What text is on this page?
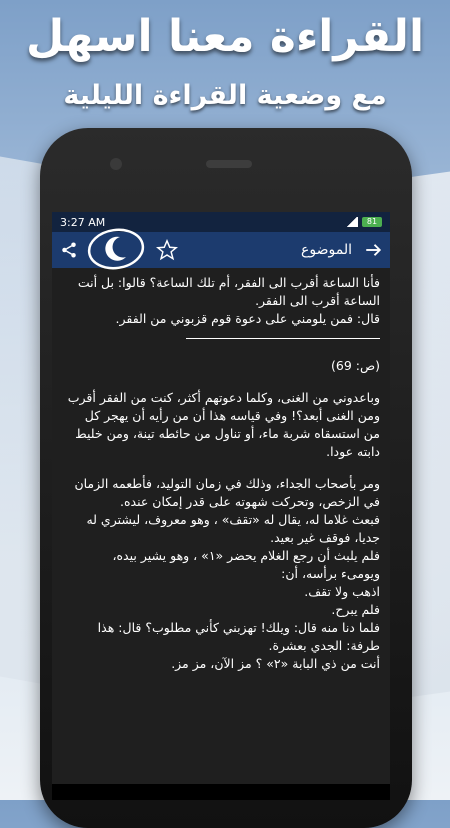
القراءة معنا اسهل
مع وضعية القراءة الليلية
3:27 AM	81
الموضوع

فأنا الساعة أقرب الى الفقر، أم تلك الساعة؟ قالوا: بل أنت

الساعة أقرب الى الفقر.

قال: فمن يلومني على دعوة قوم قزبوني من الفقر.

(ص: 69)

وباعدوني من الغنى، وكلما دعوتهم أكثر، كنت من الفقر أقرب

ومن الغنى أبعد؟! وفي قياسه هذا أن من رأيه أن يهجر كل

من استسقاه شربة ماء، أو تناول من حائطه تينة، ومن خليط

دابته عودا.

ومر بأصحاب الجداء، وذلك في زمان التوليد، فأطعمه الزمان

في الزخص، وتحركت شهوته على قدر إمكان عنده.

فبعث غلاما له، يقال له «تقف» ، وهو معروف، ليشتري له

جديا، فوقف غير بعيد.

فلم يلبث أن رجع الغلام يحضر «١» ، وهو يشير بيده،

ويومىء برأسه، أن:

اذهب ولا تقف.

فلم يبرح.

فلما دنا منه قال: ويلك! تهزبني كأني مطلوب؟ قال: هذا

طرفة: الجدي بعشرة.

أنت من ذي البابة «٢» ؟ مز الآن، مز مز.
